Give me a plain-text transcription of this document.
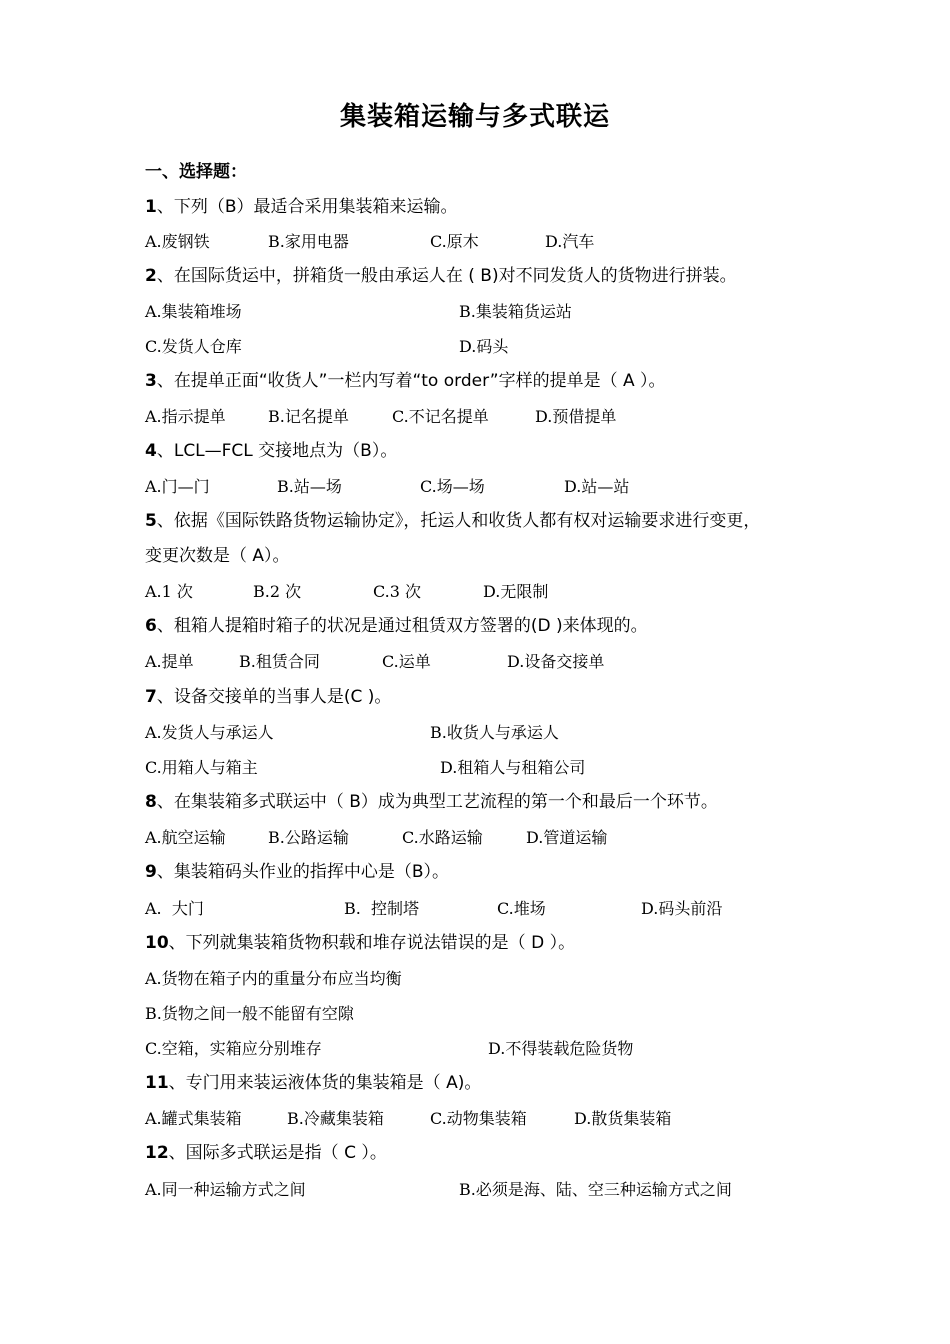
集装箱运输与多式联运
一、选择题：
1、下列（B）最适合采用集装箱来运输。
A.废钢铁	B.家用电器	C.原木	D.汽车
2、在国际货运中，拼箱货一般由承运人在 ( B)对不同发货人的货物进行拼装。
A.集装箱堆场	B.集装箱货运站
C.发货人仓库	D.码头
3、在提单正面“收货人”一栏内写着“to order”字样的提单是（ A ）。
A.指示提单	B.记名提单	C.不记名提单	D.预借提单
4、LCL—FCL 交接地点为（B）。
A.门—门	B.站—场	C.场—场	D.站—站
5、依据《国际铁路货物运输协定》，托运人和收货人都有权对运输要求进行变更，
变更次数是（ A）。
A.1 次	B.2 次	C.3 次	D.无限制
6、租箱人提箱时箱子的状况是通过租赁双方签署的(D )来体现的。
A.提单	B.租赁合同	C.运单	D.设备交接单
7、设备交接单的当事人是(C )。
A.发货人与承运人	B.收货人与承运人
C.用箱人与箱主	D.租箱人与租箱公司
8、在集装箱多式联运中（ B）成为典型工艺流程的第一个和最后一个环节。
A.航空运输	B.公路运输	C.水路运输	D.管道运输
9、集装箱码头作业的指挥中心是（B）。
A.  大门	B.  控制塔	C.堆场	D.码头前沿
10、下列就集装箱货物积载和堆存说法错误的是（ D ）。
A.货物在箱子内的重量分布应当均衡
B.货物之间一般不能留有空隙
C.空箱，实箱应分别堆存	D.不得装载危险货物
11、专门用来装运液体货的集装箱是（ A)。
A.罐式集装箱	B.冷藏集装箱	C.动物集装箱	D.散货集装箱
12、国际多式联运是指（ C ）。
A.同一种运输方式之间	B.必须是海、陆、空三种运输方式之间
